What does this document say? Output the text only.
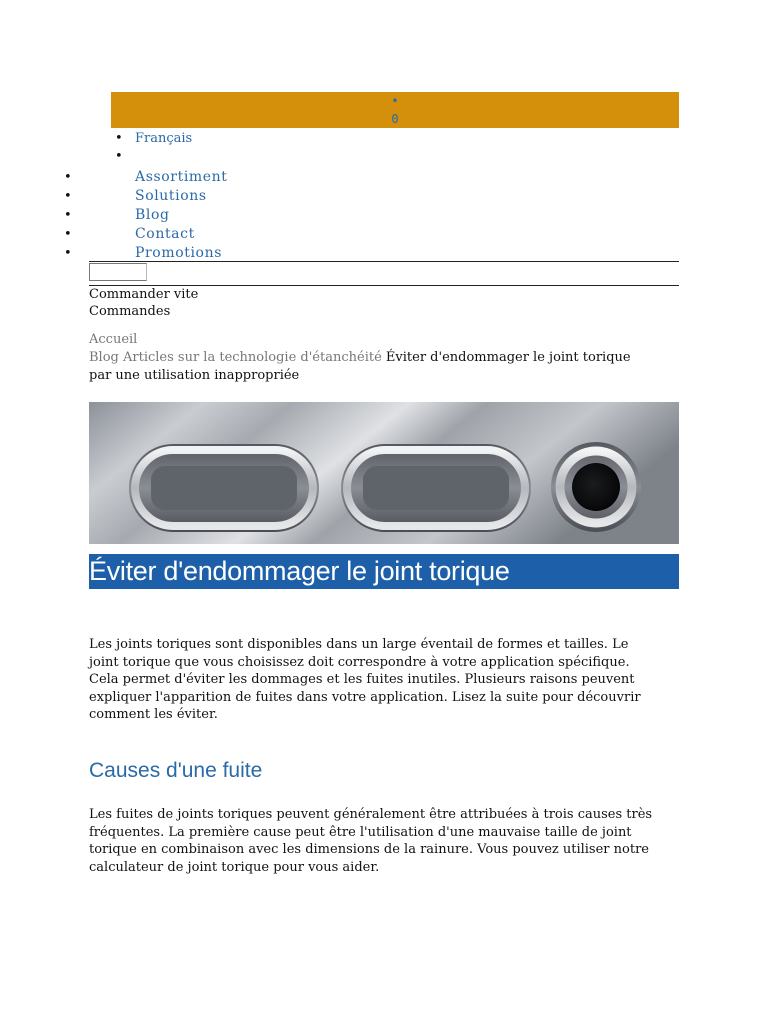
•
0
• Français
•
•	Assortiment
•	Solutions
•	Blog
•	Contact
•	Promotions
Commander vite
Commandes
Accueil
Blog Articles sur la technologie d'étanchéité Éviter d'endommager le joint torique par une utilisation inappropriée
Éviter d'endommager le joint torique
Les joints toriques sont disponibles dans un large éventail de formes et tailles. Le joint torique que vous choisissez doit correspondre à votre application spécifique. Cela permet d'éviter les dommages et les fuites inutiles. Plusieurs raisons peuvent expliquer l'apparition de fuites dans votre application. Lisez la suite pour découvrir comment les éviter.
Causes d'une fuite
Les fuites de joints toriques peuvent généralement être attribuées à trois causes très fréquentes. La première cause peut être l'utilisation d'une mauvaise taille de joint torique en combinaison avec les dimensions de la rainure. Vous pouvez utiliser notre calculateur de joint torique pour vous aider.
